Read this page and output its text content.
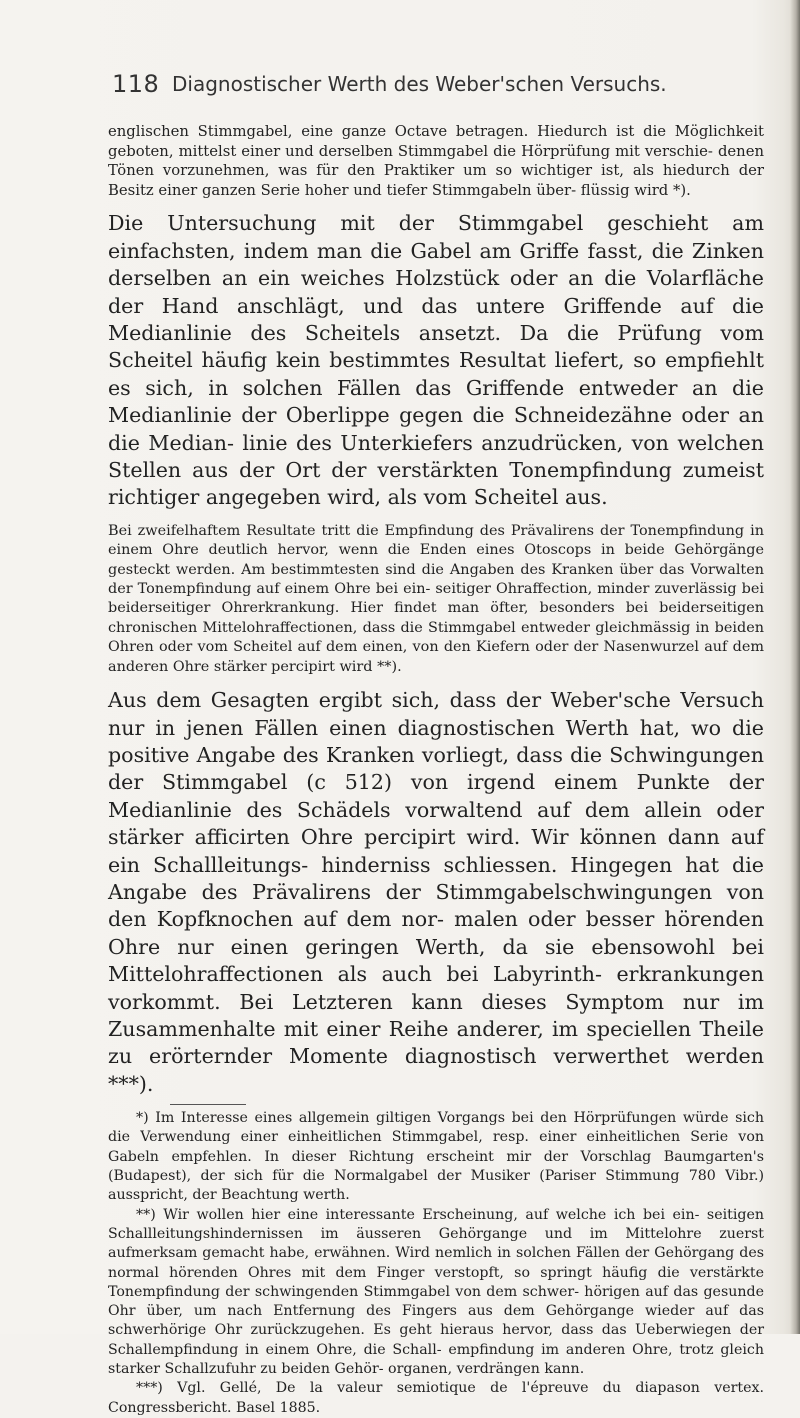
118 Diagnostischer Werth des Weber'schen Versuchs.

englischen Stimmgabel, eine ganze Octave betragen. Hiedurch ist die Möglichkeit geboten, mittelst einer und derselben Stimmgabel die Hörprüfung mit verschie- denen Tönen vorzunehmen, was für den Praktiker um so wichtiger ist, als hiedurch der Besitz einer ganzen Serie hoher und tiefer Stimmgabeln über- flüssig wird *).

Die Untersuchung mit der Stimmgabel geschieht am einfachsten, indem man die Gabel am Griffe fasst, die Zinken derselben an ein weiches Holzstück oder an die Volarfläche der Hand anschlägt, und das untere Griffende auf die Medianlinie des Scheitels ansetzt. Da die Prüfung vom Scheitel häufig kein bestimmtes Resultat liefert, so empfiehlt es sich, in solchen Fällen das Griffende entweder an die Medianlinie der Oberlippe gegen die Schneidezähne oder an die Median- linie des Unterkiefers anzudrücken, von welchen Stellen aus der Ort der verstärkten Tonempfindung zumeist richtiger angegeben wird, als vom Scheitel aus.

Bei zweifelhaftem Resultate tritt die Empfindung des Prävalirens der Tonempfindung in einem Ohre deutlich hervor, wenn die Enden eines Otoscops in beide Gehörgänge gesteckt werden. Am bestimmtesten sind die Angaben des Kranken über das Vorwalten der Tonempfindung auf einem Ohre bei ein- seitiger Ohraffection, minder zuverlässig bei beiderseitiger Ohrerkrankung. Hier findet man öfter, besonders bei beiderseitigen chronischen Mittelohraffectionen, dass die Stimmgabel entweder gleichmässig in beiden Ohren oder vom Scheitel auf dem einen, von den Kiefern oder der Nasenwurzel auf dem anderen Ohre stärker percipirt wird **).

Aus dem Gesagten ergibt sich, dass der Weber'sche Versuch nur in jenen Fällen einen diagnostischen Werth hat, wo die positive Angabe des Kranken vorliegt, dass die Schwingungen der Stimmgabel (c 512) von irgend einem Punkte der Medianlinie des Schädels vorwaltend auf dem allein oder stärker afficirten Ohre percipirt wird. Wir können dann auf ein Schallleitungs- hinderniss schliessen. Hingegen hat die Angabe des Prävalirens der Stimmgabelschwingungen von den Kopfknochen auf dem nor- malen oder besser hörenden Ohre nur einen geringen Werth, da sie ebensowohl bei Mittelohraffectionen als auch bei Labyrinth- erkrankungen vorkommt. Bei Letzteren kann dieses Symptom nur im Zusammenhalte mit einer Reihe anderer, im speciellen Theile zu erörternder Momente diagnostisch verwerthet werden ***).

*) Im Interesse eines allgemein giltigen Vorgangs bei den Hörprüfungen würde sich die Verwendung einer einheitlichen Stimmgabel, resp. einer einheitlichen Serie von Gabeln empfehlen. In dieser Richtung erscheint mir der Vorschlag Baumgarten's (Budapest), der sich für die Normalgabel der Musiker (Pariser Stimmung 780 Vibr.) ausspricht, der Beachtung werth.

**) Wir wollen hier eine interessante Erscheinung, auf welche ich bei ein- seitigen Schallleitungshindernissen im äusseren Gehörgange und im Mittelohre zuerst aufmerksam gemacht habe, erwähnen. Wird nemlich in solchen Fällen der Gehörgang des normal hörenden Ohres mit dem Finger verstopft, so springt häufig die verstärkte Tonempfindung der schwingenden Stimmgabel von dem schwer- hörigen auf das gesunde Ohr über, um nach Entfernung des Fingers aus dem Gehörgange wieder auf das schwerhörige Ohr zurückzugehen. Es geht hieraus hervor, dass das Ueberwiegen der Schallempfindung in einem Ohre, die Schall- empfindung im anderen Ohre, trotz gleich starker Schallzufuhr zu beiden Gehör- organen, verdrängen kann.

***) Vgl. Gellé, De la valeur semiotique de l'épreuve du diapason vertex. Congressbericht. Basel 1885.
